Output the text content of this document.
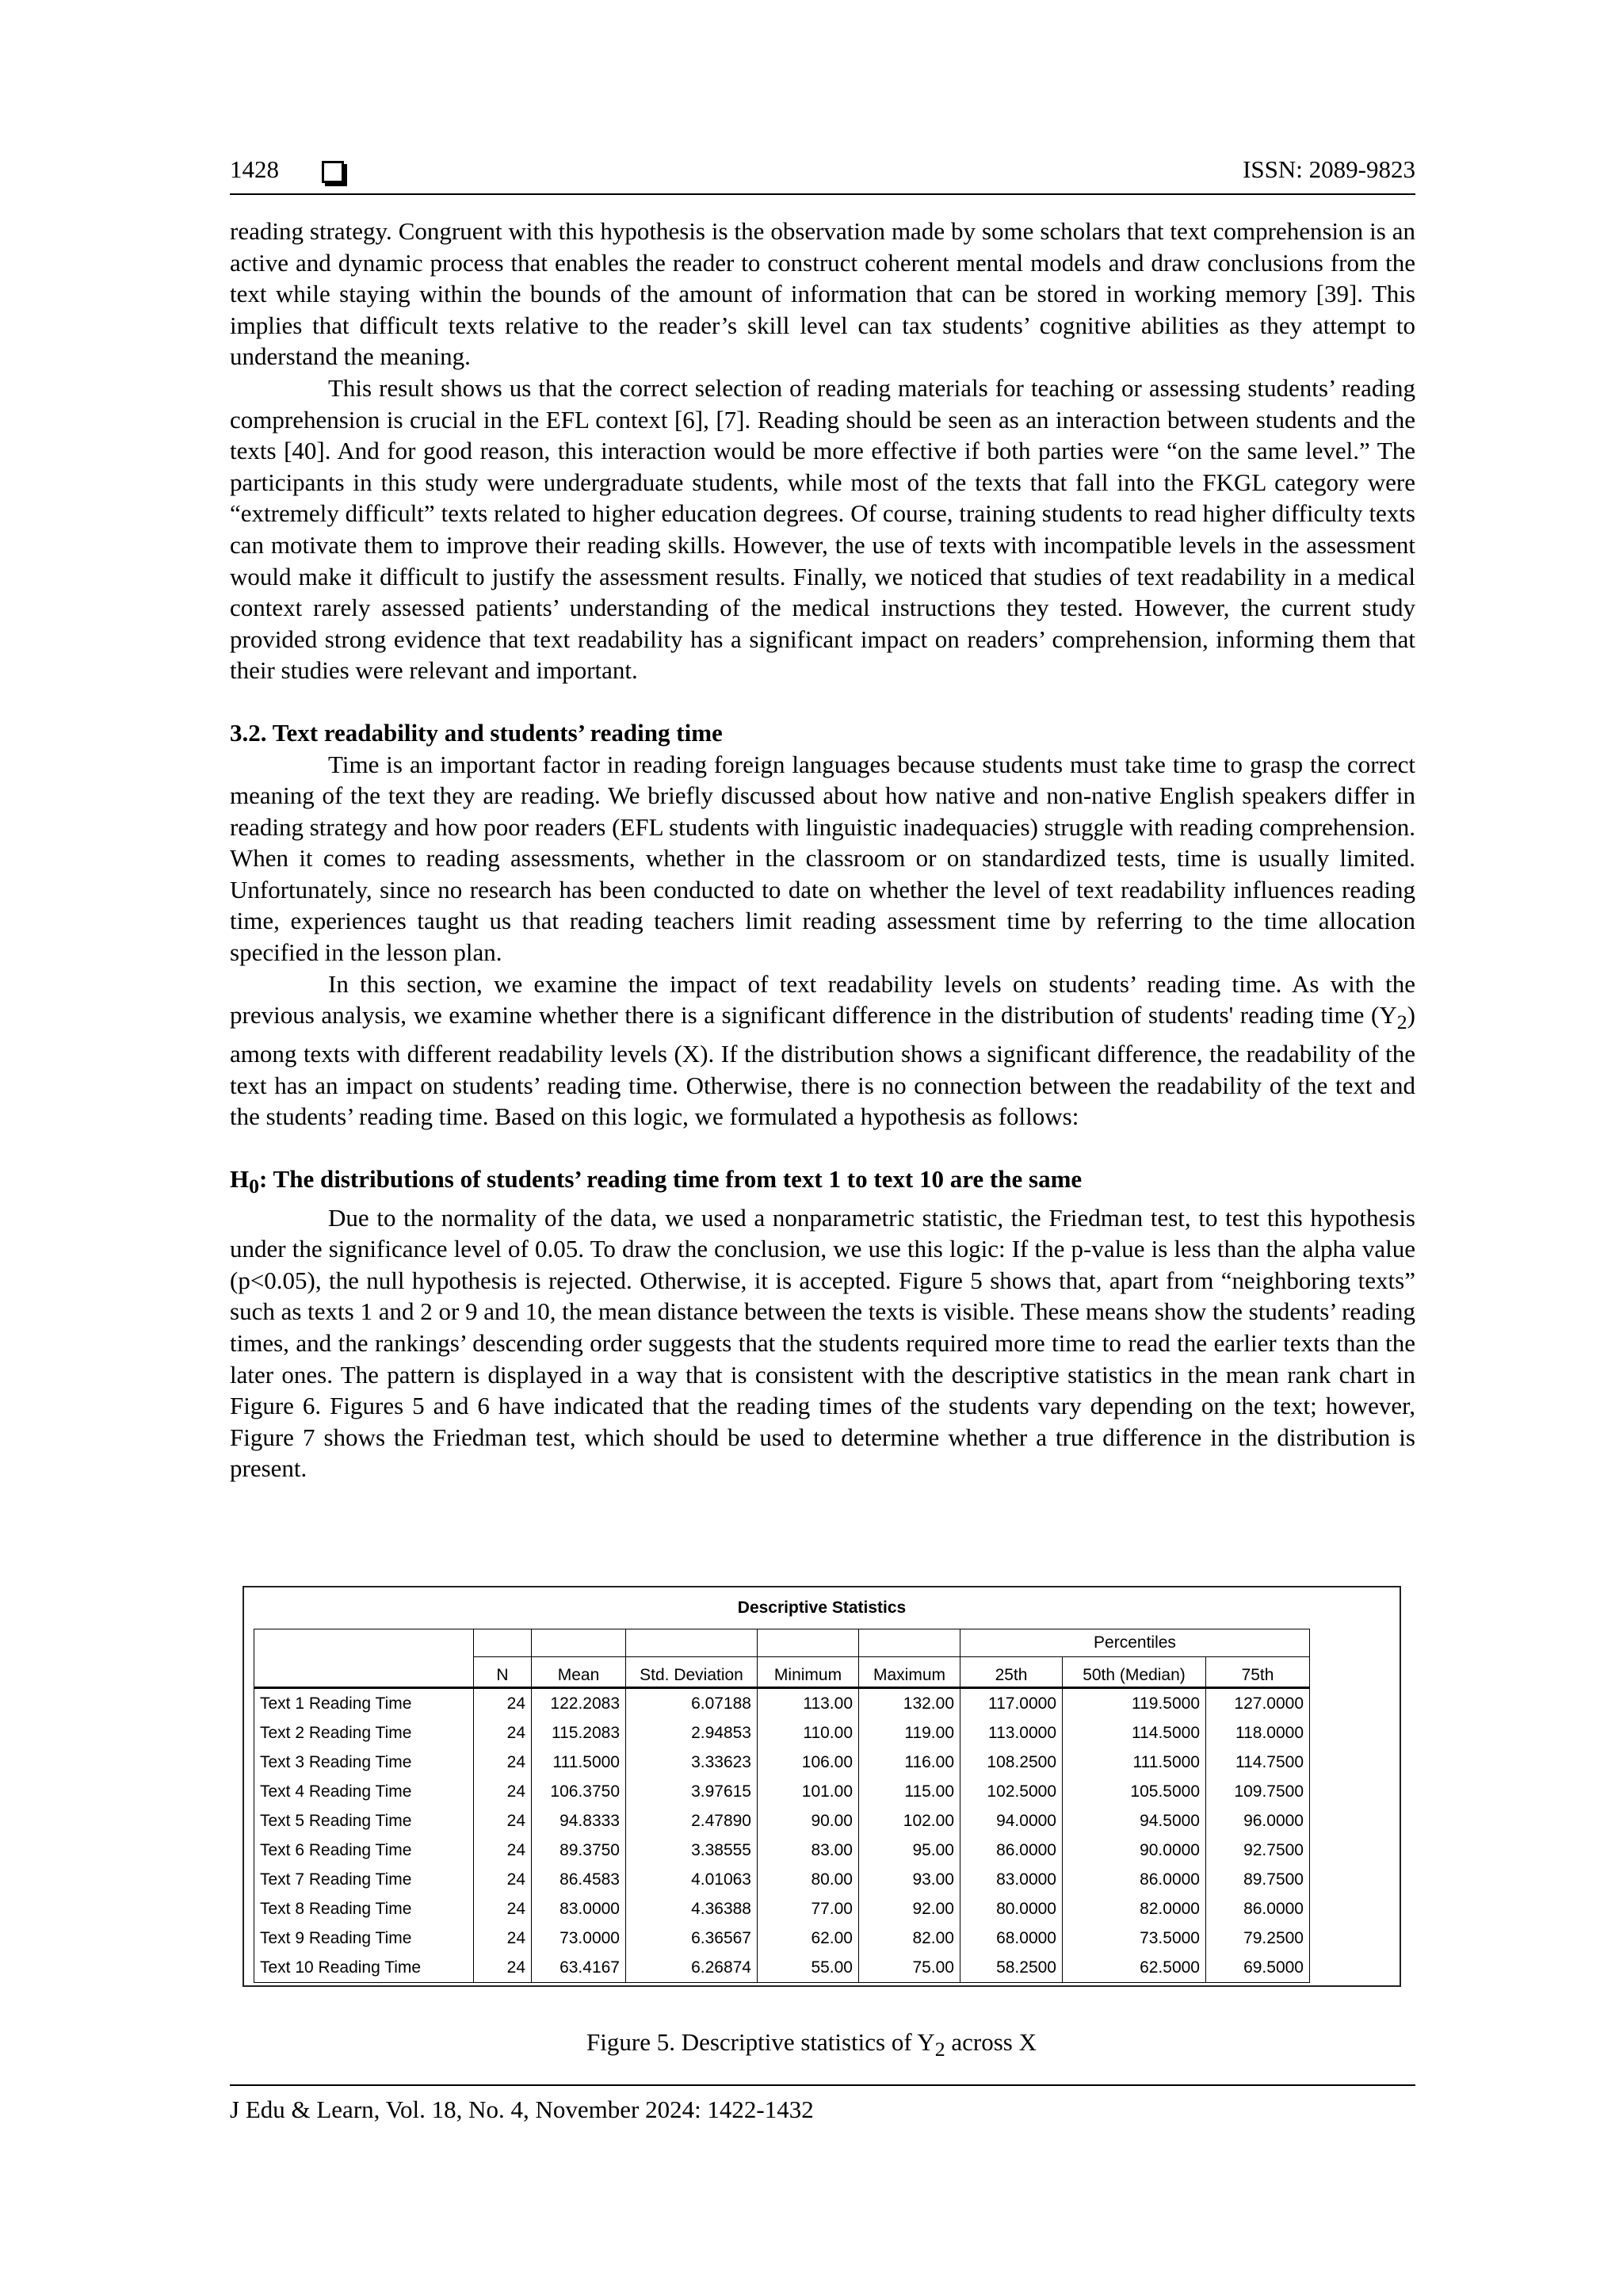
1428	ISSN: 2089-9823

reading strategy. Congruent with this hypothesis is the observation made by some scholars that text comprehension is an active and dynamic process that enables the reader to construct coherent mental models and draw conclusions from the text while staying within the bounds of the amount of information that can be stored in working memory [39]. This implies that difficult texts relative to the reader’s skill level can tax students’ cognitive abilities as they attempt to understand the meaning.

This result shows us that the correct selection of reading materials for teaching or assessing students’ reading comprehension is crucial in the EFL context [6], [7]. Reading should be seen as an interaction between students and the texts [40]. And for good reason, this interaction would be more effective if both parties were “on the same level.” The participants in this study were undergraduate students, while most of the texts that fall into the FKGL category were “extremely difficult” texts related to higher education degrees. Of course, training students to read higher difficulty texts can motivate them to improve their reading skills. However, the use of texts with incompatible levels in the assessment would make it difficult to justify the assessment results. Finally, we noticed that studies of text readability in a medical context rarely assessed patients’ understanding of the medical instructions they tested. However, the current study provided strong evidence that text readability has a significant impact on readers’ comprehension, informing them that their studies were relevant and important.

3.2. Text readability and students’ reading time

Time is an important factor in reading foreign languages because students must take time to grasp the correct meaning of the text they are reading. We briefly discussed about how native and non-native English speakers differ in reading strategy and how poor readers (EFL students with linguistic inadequacies) struggle with reading comprehension. When it comes to reading assessments, whether in the classroom or on standardized tests, time is usually limited. Unfortunately, since no research has been conducted to date on whether the level of text readability influences reading time, experiences taught us that reading teachers limit reading assessment time by referring to the time allocation specified in the lesson plan.

In this section, we examine the impact of text readability levels on students’ reading time. As with the previous analysis, we examine whether there is a significant difference in the distribution of students' reading time $(Y_2)$ among texts with different readability levels (X). If the distribution shows a significant difference, the readability of the text has an impact on students’ reading time. Otherwise, there is no connection between the readability of the text and the students’ reading time. Based on this logic, we formulated a hypothesis as follows:

$H_0$: The distributions of students’ reading time from text 1 to text 10 are the same

Due to the normality of the data, we used a nonparametric statistic, the Friedman test, to test this hypothesis under the significance level of 0.05. To draw the conclusion, we use this logic: If the p-value is less than the alpha value (p<0.05), the null hypothesis is rejected. Otherwise, it is accepted. Figure 5 shows that, apart from “neighboring texts” such as texts 1 and 2 or 9 and 10, the mean distance between the texts is visible. These means show the students’ reading times, and the rankings’ descending order suggests that the students required more time to read the earlier texts than the later ones. The pattern is displayed in a way that is consistent with the descriptive statistics in the mean rank chart in Figure 6. Figures 5 and 6 have indicated that the reading times of the students vary depending on the text; however, Figure 7 shows the Friedman test, which should be used to determine whether a true difference in the distribution is present.

Descriptive Statistics
						Percentiles		
	N	Mean	Std. Deviation	Minimum	Maximum	25th	50th (Median)	75th
Text 1 Reading Time	24	122.2083	6.07188	113.00	132.00	117.0000	119.5000	127.0000
Text 2 Reading Time	24	115.2083	2.94853	110.00	119.00	113.0000	114.5000	118.0000
Text 3 Reading Time	24	111.5000	3.33623	106.00	116.00	108.2500	111.5000	114.7500
Text 4 Reading Time	24	106.3750	3.97615	101.00	115.00	102.5000	105.5000	109.7500
Text 5 Reading Time	24	94.8333	2.47890	90.00	102.00	94.0000	94.5000	96.0000
Text 6 Reading Time	24	89.3750	3.38555	83.00	95.00	86.0000	90.0000	92.7500
Text 7 Reading Time	24	86.4583	4.01063	80.00	93.00	83.0000	86.0000	89.7500
Text 8 Reading Time	24	83.0000	4.36388	77.00	92.00	80.0000	82.0000	86.0000
Text 9 Reading Time	24	73.0000	6.36567	62.00	82.00	68.0000	73.5000	79.2500
Text 10 Reading Time	24	63.4167	6.26874	55.00	75.00	58.2500	62.5000	69.5000
Figure 5. Descriptive statistics of $Y_2$ across X
J Edu & Learn, Vol. 18, No. 4, November 2024: 1422-1432
